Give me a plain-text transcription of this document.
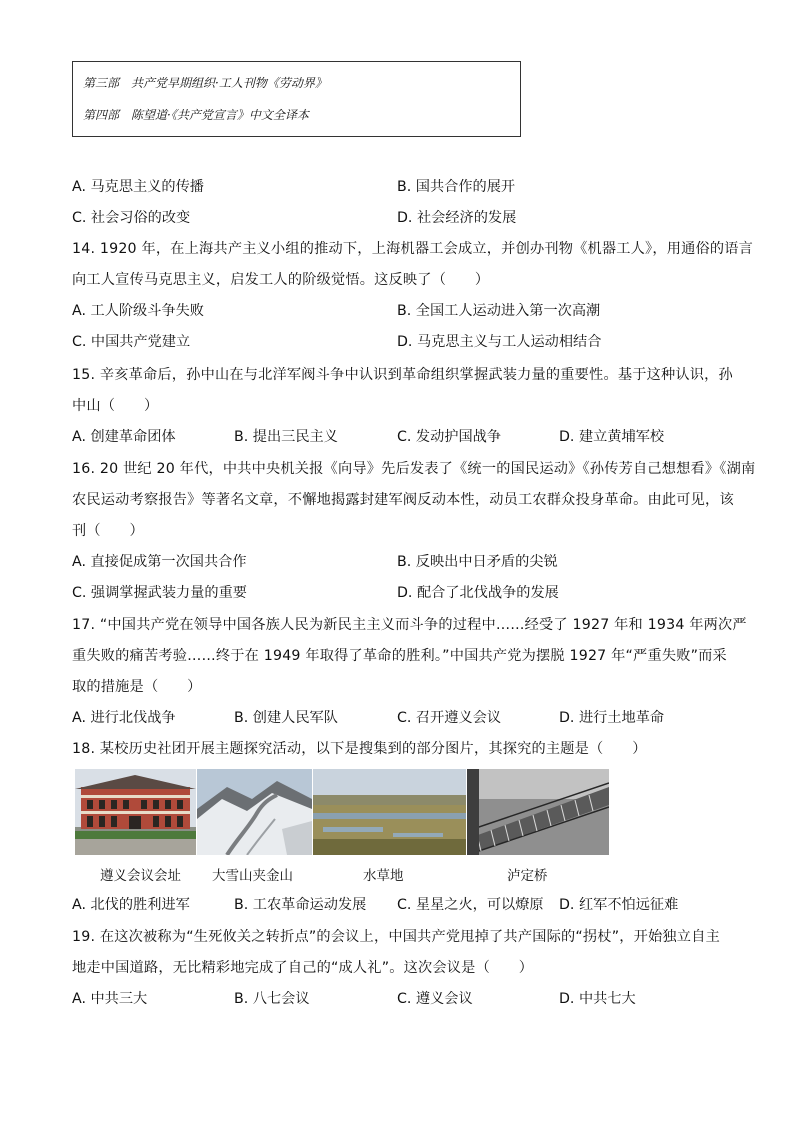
第三部　共产党早期组织·工人刊物《劳动界》
第四部　陈望道·《共产党宣言》中文全译本
A. 马克思主义的传播	B. 国共合作的展开
C. 社会习俗的改变	D. 社会经济的发展
14. 1920 年，在上海共产主义小组的推动下，上海机器工会成立，并创办刊物《机器工人》，用通俗的语言
向工人宣传马克思主义，启发工人的阶级觉悟。这反映了（　　）
A. 工人阶级斗争失败	B. 全国工人运动进入第一次高潮
C. 中国共产党建立	D. 马克思主义与工人运动相结合
15. 辛亥革命后，孙中山在与北洋军阀斗争中认识到革命组织掌握武装力量的重要性。基于这种认识，孙
中山（　　）
A. 创建革命团体	B. 提出三民主义	C. 发动护国战争	D. 建立黄埔军校
16. 20 世纪 20 年代，中共中央机关报《向导》先后发表了《统一的国民运动》《孙传芳自己想想看》《湖南
农民运动考察报告》等著名文章，不懈地揭露封建军阀反动本性，动员工农群众投身革命。由此可见，该
刊（　　）
A. 直接促成第一次国共合作	B. 反映出中日矛盾的尖锐
C. 强调掌握武装力量的重要	D. 配合了北伐战争的发展
17. “中国共产党在领导中国各族人民为新民主主义而斗争的过程中……经受了 1927 年和 1934 年两次严
重失败的痛苦考验……终于在 1949 年取得了革命的胜利。”中国共产党为摆脱 1927 年“严重失败”而采
取的措施是（　　）
A. 进行北伐战争	B. 创建人民军队	C. 召开遵义会议	D. 进行土地革命
18. 某校历史社团开展主题探究活动，以下是搜集到的部分图片，其探究的主题是（　　）
遵义会议会址 大雪山夹金山	水草地	泸定桥
A. 北伐的胜利进军	B. 工农革命运动发展 C. 星星之火，可以燎原 D. 红军不怕远征难
19. 在这次被称为“生死攸关之转折点”的会议上，中国共产党甩掉了共产国际的“拐杖”，开始独立自主
地走中国道路，无比精彩地完成了自己的“成人礼”。这次会议是（　　）
A. 中共三大	B. 八七会议	C. 遵义会议	D. 中共七大
